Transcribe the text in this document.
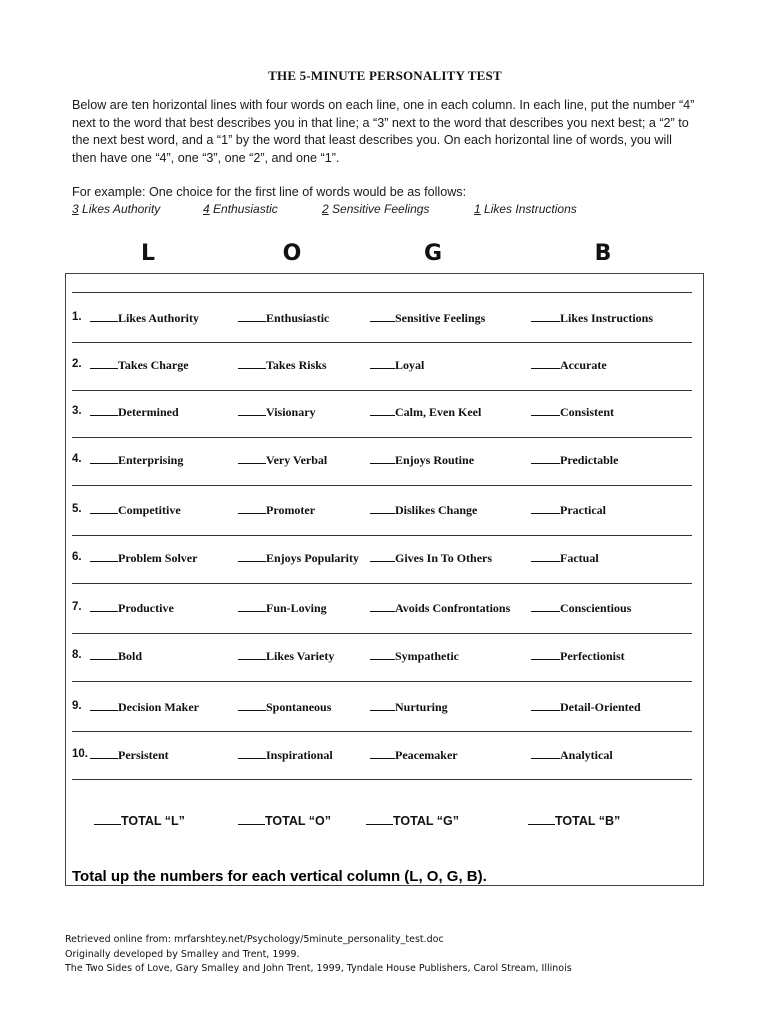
THE 5-MINUTE PERSONALITY TEST

Below are ten horizontal lines with four words on each line, one in each column. In each line, put the number “4” next to the word that best describes you in that line; a “3” next to the word that describes you next best; a “2” to the next best word, and a “1” by the word that least describes you. On each horizontal line of words, you will then have one “4”, one “3”, one “2”, and one “1”.

For example: One choice for the first line of words would be as follows:

3 Likes Authority	4 Enthusiastic	2 Sensitive Feelings	1 Likes Instructions
L	O	G	B
1.	Likes Authority	Enthusiastic	Sensitive Feelings	Likes Instructions
2.	Takes Charge	Takes Risks	Loyal	Accurate
3.	Determined	Visionary	Calm, Even Keel	Consistent
4.	Enterprising	Very Verbal	Enjoys Routine	Predictable
5.	Competitive	Promoter	Dislikes Change	Practical
6.	Problem Solver	Enjoys Popularity	Gives In To Others	Factual
7.	Productive	Fun-Loving	Avoids Confrontations	Conscientious
8.	Bold	Likes Variety	Sympathetic	Perfectionist
9.	Decision Maker	Spontaneous	Nurturing	Detail-Oriented
10.	Persistent	Inspirational	Peacemaker	Analytical
TOTAL “L”	TOTAL “O”	TOTAL “G”	TOTAL “B”
Total up the numbers for each vertical column (L, O, G, B).
Retrieved online from: mrfarshtey.net/Psychology/5minute_personality_test.doc
Originally developed by Smalley and Trent, 1999.
The Two Sides of Love, Gary Smalley and John Trent, 1999, Tyndale House Publishers, Carol Stream, Illinois
